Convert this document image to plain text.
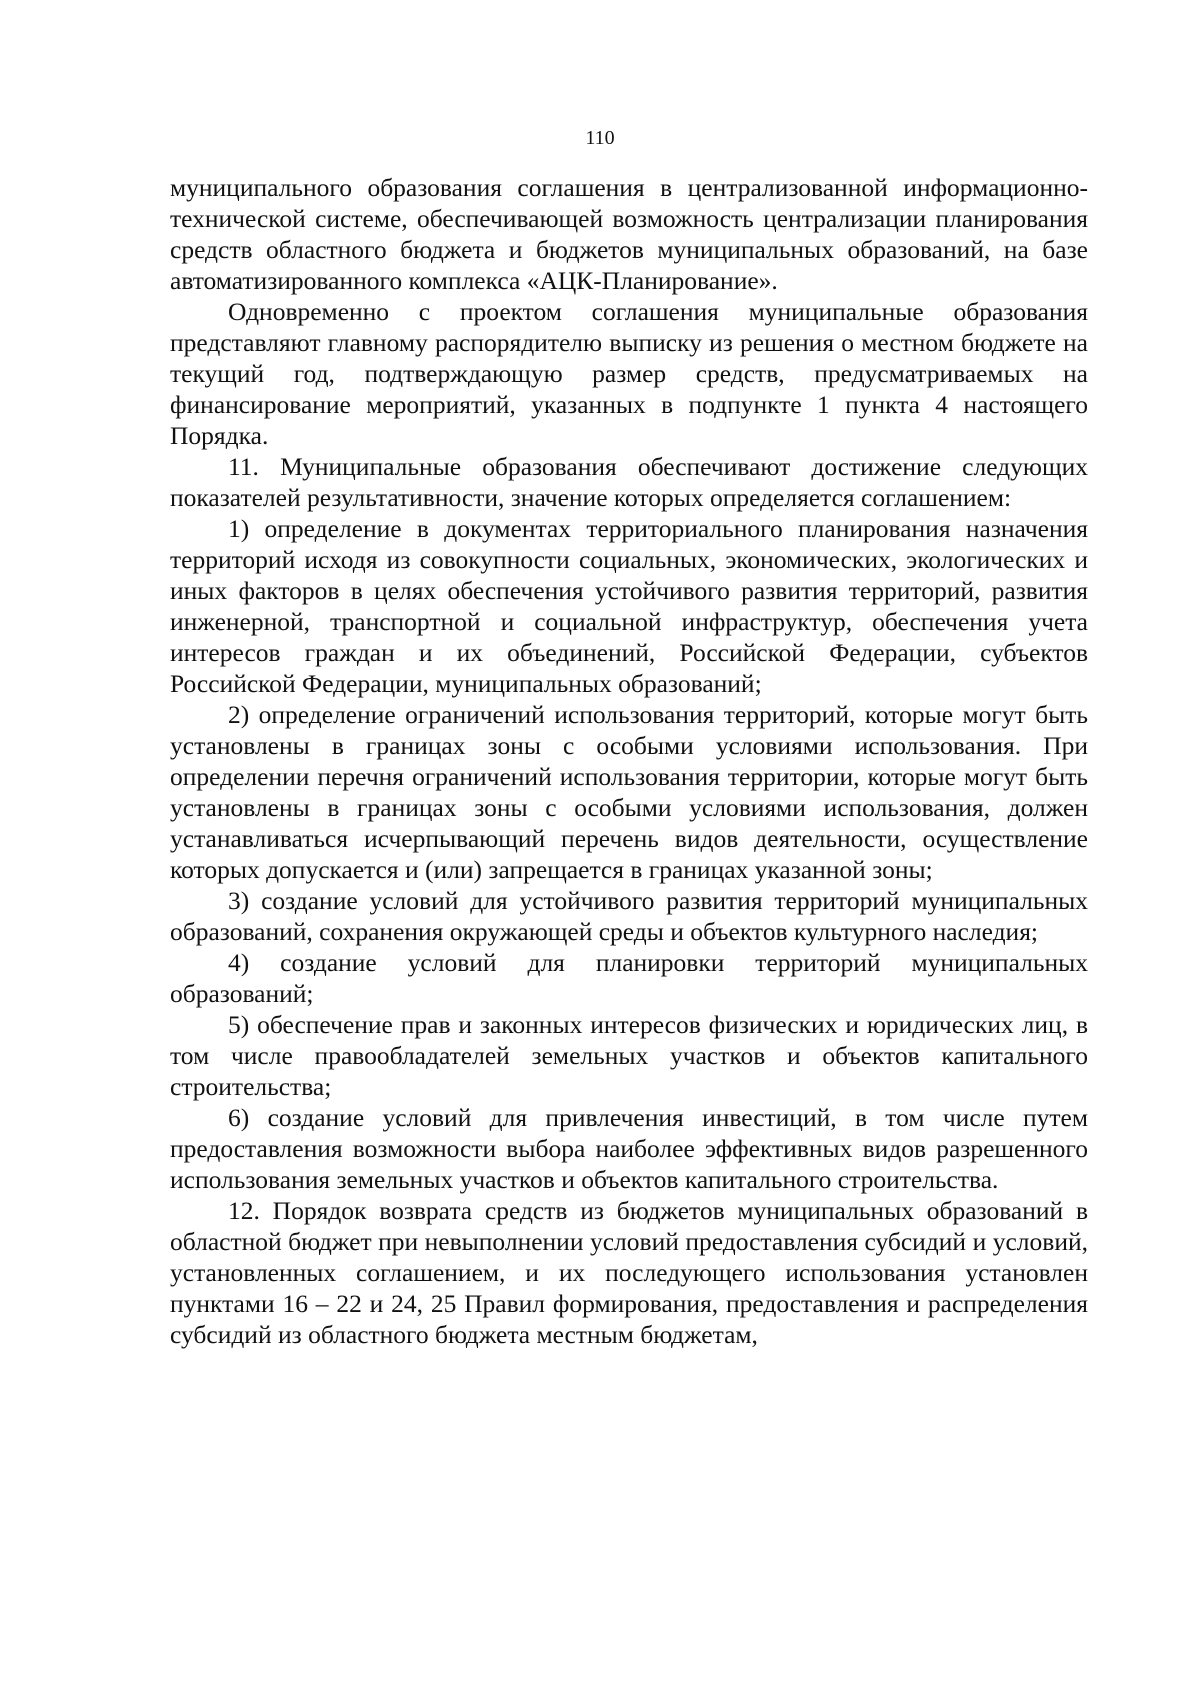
110

муниципального образования соглашения в централизованной информационно-технической системе, обеспечивающей возможность централизации планирования средств областного бюджета и бюджетов муниципальных образований, на базе автоматизированного комплекса «АЦК-Планирование».

Одновременно с проектом соглашения муниципальные образования представляют главному распорядителю выписку из решения о местном бюджете на текущий год, подтверждающую размер средств, предусматриваемых на финансирование мероприятий, указанных в подпункте 1 пункта 4 настоящего Порядка.

11. Муниципальные образования обеспечивают достижение следующих показателей результативности, значение которых определяется соглашением:

1) определение в документах территориального планирования назначения территорий исходя из совокупности социальных, экономических, экологических и иных факторов в целях обеспечения устойчивого развития территорий, развития инженерной, транспортной и социальной инфраструктур, обеспечения учета интересов граждан и их объединений, Российской Федерации, субъектов Российской Федерации, муниципальных образований;

2) определение ограничений использования территорий, которые могут быть установлены в границах зоны с особыми условиями использования. При определении перечня ограничений использования территории, которые могут быть установлены в границах зоны с особыми условиями использования, должен устанавливаться исчерпывающий перечень видов деятельности, осуществление которых допускается и (или) запрещается в границах указанной зоны;

3) создание условий для устойчивого развития территорий муниципальных образований, сохранения окружающей среды и объектов культурного наследия;

4) создание условий для планировки территорий муниципальных образований;

5) обеспечение прав и законных интересов физических и юридических лиц, в том числе правообладателей земельных участков и объектов капитального строительства;

6) создание условий для привлечения инвестиций, в том числе путем предоставления возможности выбора наиболее эффективных видов разрешенного использования земельных участков и объектов капитального строительства.

12. Порядок возврата средств из бюджетов муниципальных образований в областной бюджет при невыполнении условий предоставления субсидий и условий, установленных соглашением, и их последующего использования установлен пунктами 16 – 22 и 24, 25 Правил формирования, предоставления и распределения субсидий из областного бюджета местным бюджетам,
